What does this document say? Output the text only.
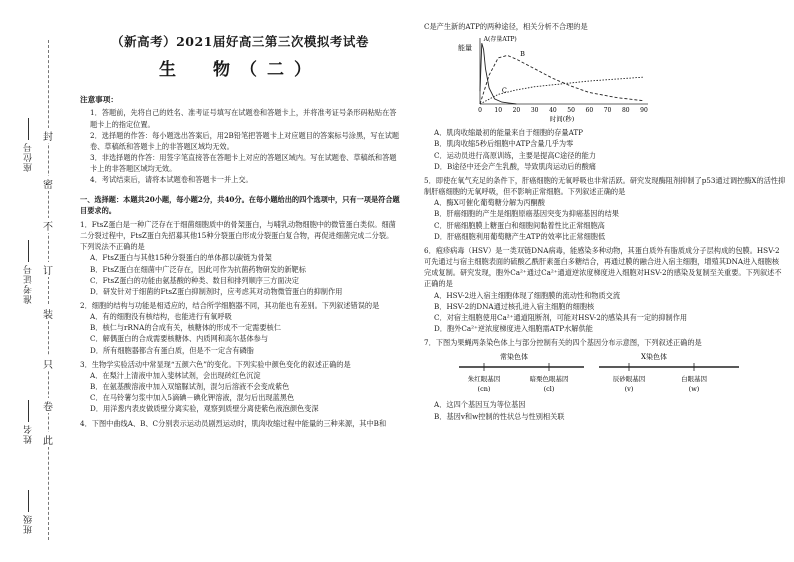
封
密
不
订
装
只
卷
此
座位号
准考证号
姓名
班级
（新高考）2021届好高三第三次模拟考试卷
生　物（二）
注意事项：

1．答题前，先将自己的姓名、准考证号填写在试题卷和答题卡上，并将准考证号条形码粘贴在答题卡上的指定位置。

2．选择题的作答：每小题选出答案后，用2B铅笔把答题卡上对应题目的答案标号涂黑，写在试题卷、草稿纸和答题卡上的非答题区域均无效。

3．非选择题的作答：用签字笔直接答在答题卡上对应的答题区域内。写在试题卷、草稿纸和答题卡上的非答题区域均无效。

4．考试结束后，请将本试题卷和答题卡一并上交。

一、选择题：本题共20小题，每小题2分，共40分。在每小题给出的四个选项中，只有一项是符合题目要求的。

1．FtsZ蛋白是一种广泛存在于细菌细胞质中的骨架蛋白，与哺乳动物细胞中的微管蛋白类似。细菌二分裂过程中，FtsZ蛋白先招募其他15种分裂蛋白形成分裂蛋白复合物，再促进细菌完成二分裂。下列说法不正确的是

A．FtsZ蛋白与其他15种分裂蛋白的单体都以碳链为骨架

B．FtsZ蛋白在细菌中广泛存在，因此可作为抗菌药物研发的新靶标

C．FtsZ蛋白的功能由氨基酸的种类、数目和排列顺序三方面决定

D．研发针对于细菌的FtsZ蛋白抑制剂时，应考虑其对动物微管蛋白的抑制作用

2．细胞的结构与功能是相适应的，结合所学细胞器不同，其功能也有差别。下列叙述错误的是

A．有的细胞没有核结构，也能进行有氧呼吸

B．核仁与rRNA的合成有关，核糖体的形成不一定需要核仁

C．解偶蛋白的合成需要核糖体、内质网和高尔基体参与

D．所有细胞器都含有蛋白质，但是不一定含有磷脂

3．生物学实验活动中常显现“五颜六色”的变化。下列实验中颜色变化的叙述正确的是

A．在梨汁上清液中加入斐林试剂，会出现砖红色沉淀

B．在氨基酸溶液中加入双缩脲试剂，混匀后溶液不会变成紫色

C．在马铃薯匀浆中加入5滴碘－碘化钾溶液，混匀后出现蓝黑色

D．用洋葱内表皮做质壁分离实验，观察到质壁分离使紫色液泡颜色变深

4．下图中曲线A、B、C分别表示运动员剧烈运动时，肌肉收缩过程中能量的三种来源，其中B和

C是产生新的ATP的两种途径，相关分析不合理的是

能量
0 10 20 30 40 50 60 70 80 90
时间(秒)
A(存量ATP)
B
C

A．肌肉收缩最初的能量来自于细胞的存量ATP

B．肌肉收缩5秒后细胞中ATP含量几乎为零

C．运动员进行高原训练，主要是提高C途径的能力

D．B途径中还会产生乳酸，导致肌肉运动后的酸痛

5．即使在氧气充足的条件下，肝癌细胞的无氧呼吸也非常活跃。研究发现酶阻剂抑制了p53通过调控酶X的活性抑制肝癌细胞的无氧呼吸，但不影响正常细胞。下列叙述正确的是

A．酶X可催化葡萄糖分解为丙酮酸

B．肝癌细胞的产生是细胞原癌基因突变为抑癌基因的结果

C．肝癌细胞膜上糖蛋白和细胞间黏着性比正常细胞高

D．肝癌细胞利用葡萄糖产生ATP的效率比正常细胞低

6．疱疹病毒（HSV）是一类双链DNA病毒，能感染多种动物，其蛋白质外有脂质成分子层构成的包膜。HSV-2可先通过与宿主细胞表面的硫酸乙酰肝素蛋白多糖结合，再通过膜的融合进入宿主细胞，增殖其DNA进入细胞核完成复制。研究发现，胞外Ca²⁺通过Ca²⁺通道逆浓度梯度进入细胞对HSV-2的感染及复制至关重要。下列叙述不正确的是

A．HSV-2进入宿主细胞体现了细胞膜的流动性和物质交流

B．HSV-2的DNA通过核孔进入宿主细胞的细胞核

C．对宿主细胞使用Ca²⁺通道阻断剂，可能对HSV-2的感染具有一定的抑制作用

D．胞外Ca²⁺逆浓度梯度进入细胞需ATP水解供能

7．下图为果蝇两条染色体上与部分控制有关的四个基因分布示意图，下列叙述正确的是

常染色体	X染色体
朱红眼基因
(cn)
暗栗色眼基因
(cl)
辰砂眼基因
(v)
白眼基因
(w)

A．这四个基因互为等位基因

B．基因v和w控制的性状总与性别相关联
